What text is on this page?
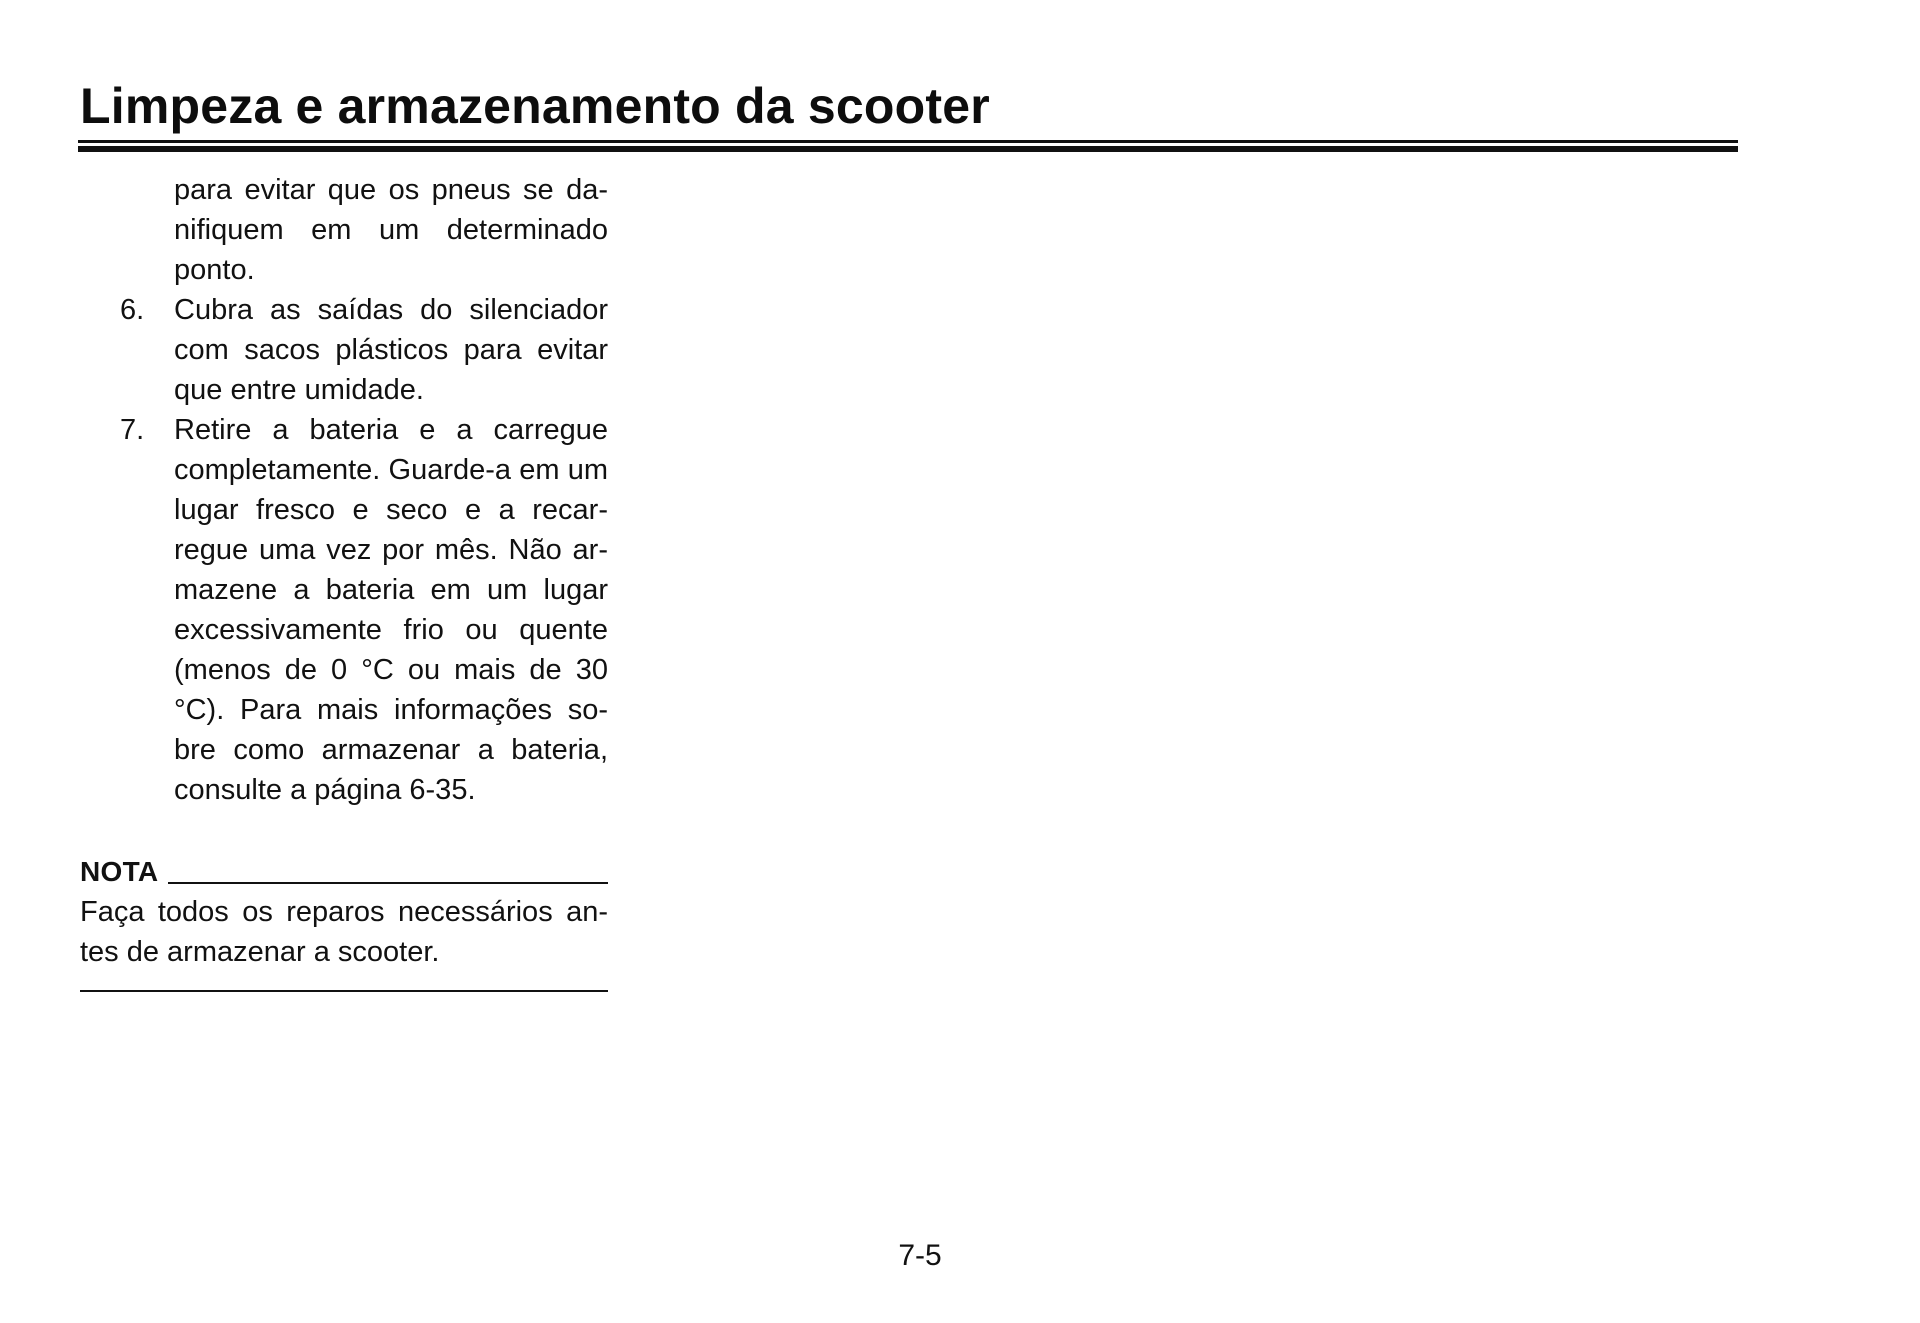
Limpeza e armazenamento da scooter

para evitar que os pneus se da-nifiquem em um determinado ponto.

6.	Cubra as saídas do silenciador com sacos plásticos para evitar que entre umidade.

7.	Retire a bateria e a carregue completamente. Guarde-a em um lugar fresco e seco e a recar-regue uma vez por mês. Não ar-mazene a bateria em um lugar excessivamente frio ou quente (menos de 0 °C ou mais de 30 °C). Para mais informações so-bre como armazenar a bateria, consulte a página 6-35.

NOTA

Faça todos os reparos necessários an-tes de armazenar a scooter.

7-5
